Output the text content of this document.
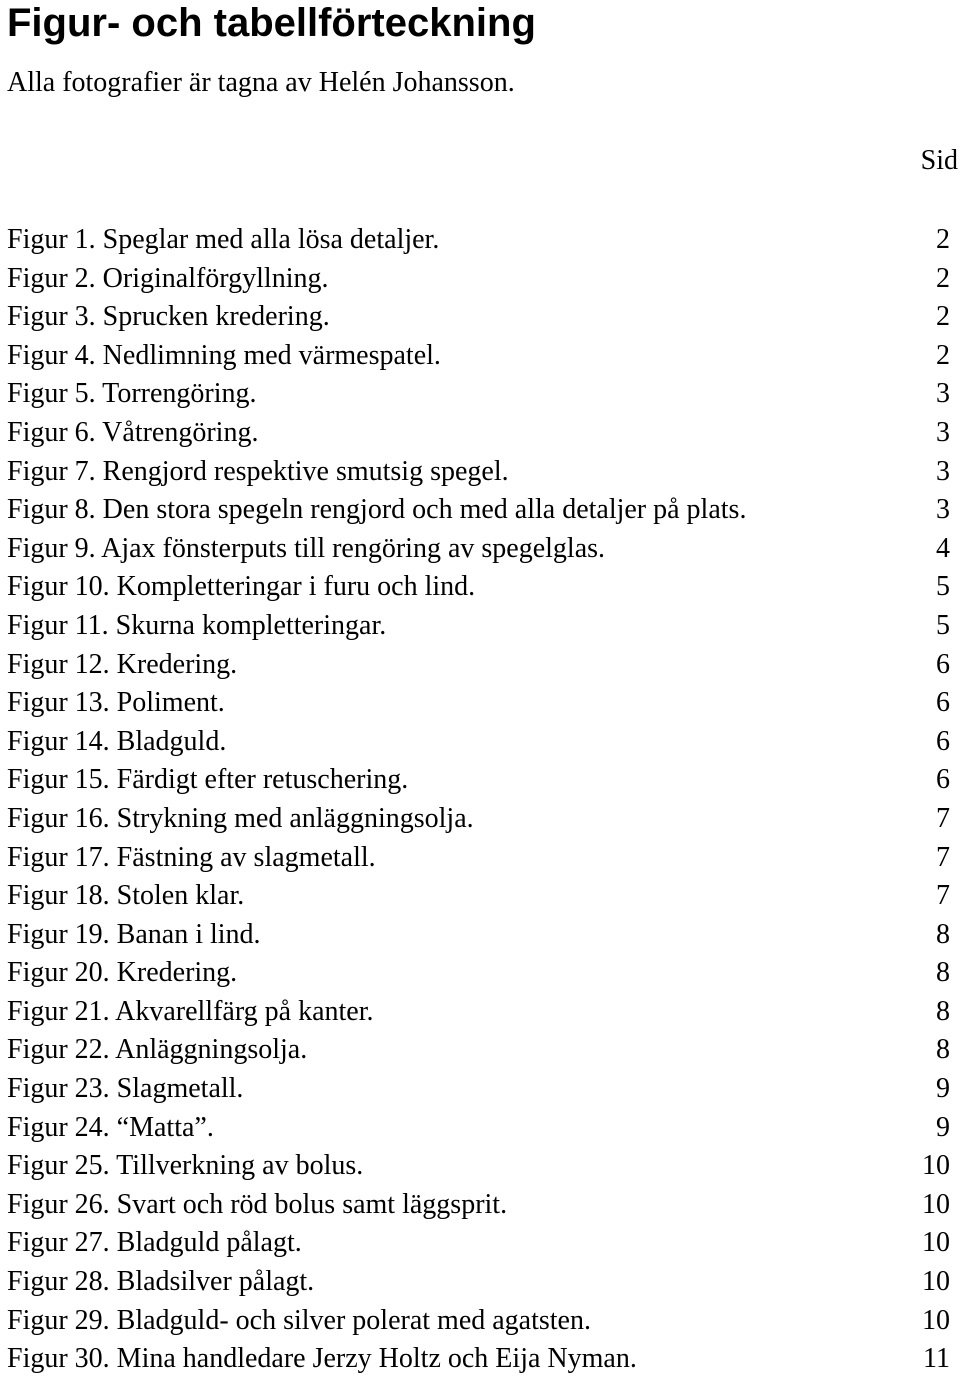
Figur- och tabellförteckning
Alla fotografier är tagna av Helén Johansson.
Sid
Figur 1. Speglar med alla lösa detaljer.	2
Figur 2. Originalförgyllning.	2
Figur 3. Sprucken kredering.	2
Figur 4. Nedlimning med värmespatel.	2
Figur 5. Torrengöring.	3
Figur 6. Våtrengöring.	3
Figur 7. Rengjord respektive smutsig spegel.	3
Figur 8. Den stora spegeln rengjord och med alla detaljer på plats.	3
Figur 9. Ajax fönsterputs till rengöring av spegelglas.	4
Figur 10. Kompletteringar i furu och lind.	5
Figur 11. Skurna kompletteringar.	5
Figur 12. Kredering.	6
Figur 13. Poliment.	6
Figur 14. Bladguld.	6
Figur 15. Färdigt efter retuschering.	6
Figur 16. Strykning med anläggningsolja.	7
Figur 17. Fästning av slagmetall.	7
Figur 18. Stolen klar.	7
Figur 19. Banan i lind.	8
Figur 20. Kredering.	8
Figur 21. Akvarellfärg på kanter.	8
Figur 22. Anläggningsolja.	8
Figur 23. Slagmetall.	9
Figur 24. “Matta”.	9
Figur 25. Tillverkning av bolus.	10
Figur 26. Svart och röd bolus samt läggsprit.	10
Figur 27. Bladguld pålagt.	10
Figur 28. Bladsilver pålagt.	10
Figur 29. Bladguld- och silver polerat med agatsten.	10
Figur 30. Mina handledare Jerzy Holtz och Eija Nyman.	11
